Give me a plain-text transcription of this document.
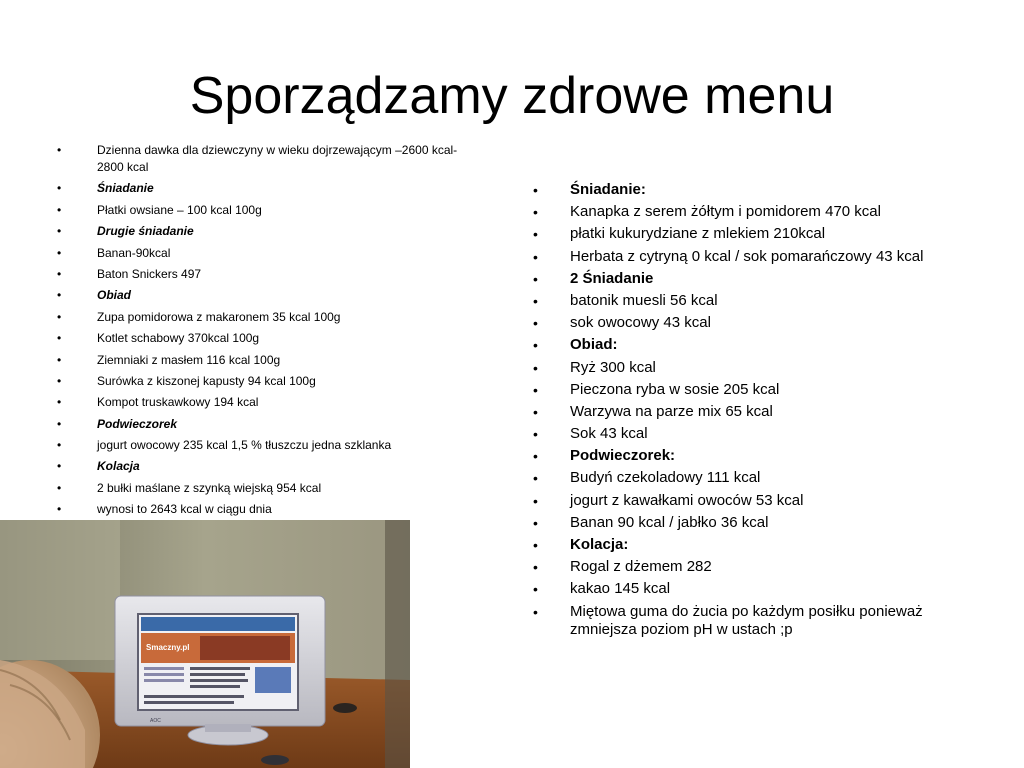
Sporządzamy zdrowe menu
•	Dzienna dawka dla dziewczyny w wieku dojrzewającym –2600 kcal- 2800 kcal
•	Śniadanie
•	Płatki owsiane – 100 kcal 100g
•	Drugie śniadanie
•	Banan-90kcal
•	Baton Snickers 497
•	Obiad
•	Zupa pomidorowa z makaronem 35 kcal 100g
•	Kotlet schabowy 370kcal 100g
•	Ziemniaki z masłem 116 kcal 100g
•	Surówka z kiszonej kapusty 94 kcal 100g
•	Kompot truskawkowy 194 kcal
•	Podwieczorek
•	jogurt owocowy 235 kcal 1,5 % tłuszczu jedna szklanka
•	Kolacja
•	2 bułki maślane z szynką wiejską 954 kcal
•	wynosi to 2643 kcal w ciągu dnia
• Śniadanie:
• Kanapka z serem żółtym i pomidorem 470 kcal
• płatki kukurydziane z mlekiem 210kcal
• Herbata z cytryną 0 kcal / sok pomarańczowy 43 kcal
• 2 Śniadanie
• batonik muesli 56 kcal
• sok owocowy 43 kcal
• Obiad:
• Ryż 300 kcal
• Pieczona ryba w sosie 205 kcal
• Warzywa na parze mix 65 kcal
• Sok 43 kcal
• Podwieczorek:
• Budyń czekoladowy 111 kcal
• jogurt z kawałkami owoców 53 kcal
• Banan 90 kcal / jabłko 36 kcal
• Kolacja:
• Rogal z dżemem 282
• kakao 145 kcal
• Miętowa guma do żucia po każdym posiłku ponieważ zmniejsza poziom pH w ustach ;p
Smaczny.pl
AOC
